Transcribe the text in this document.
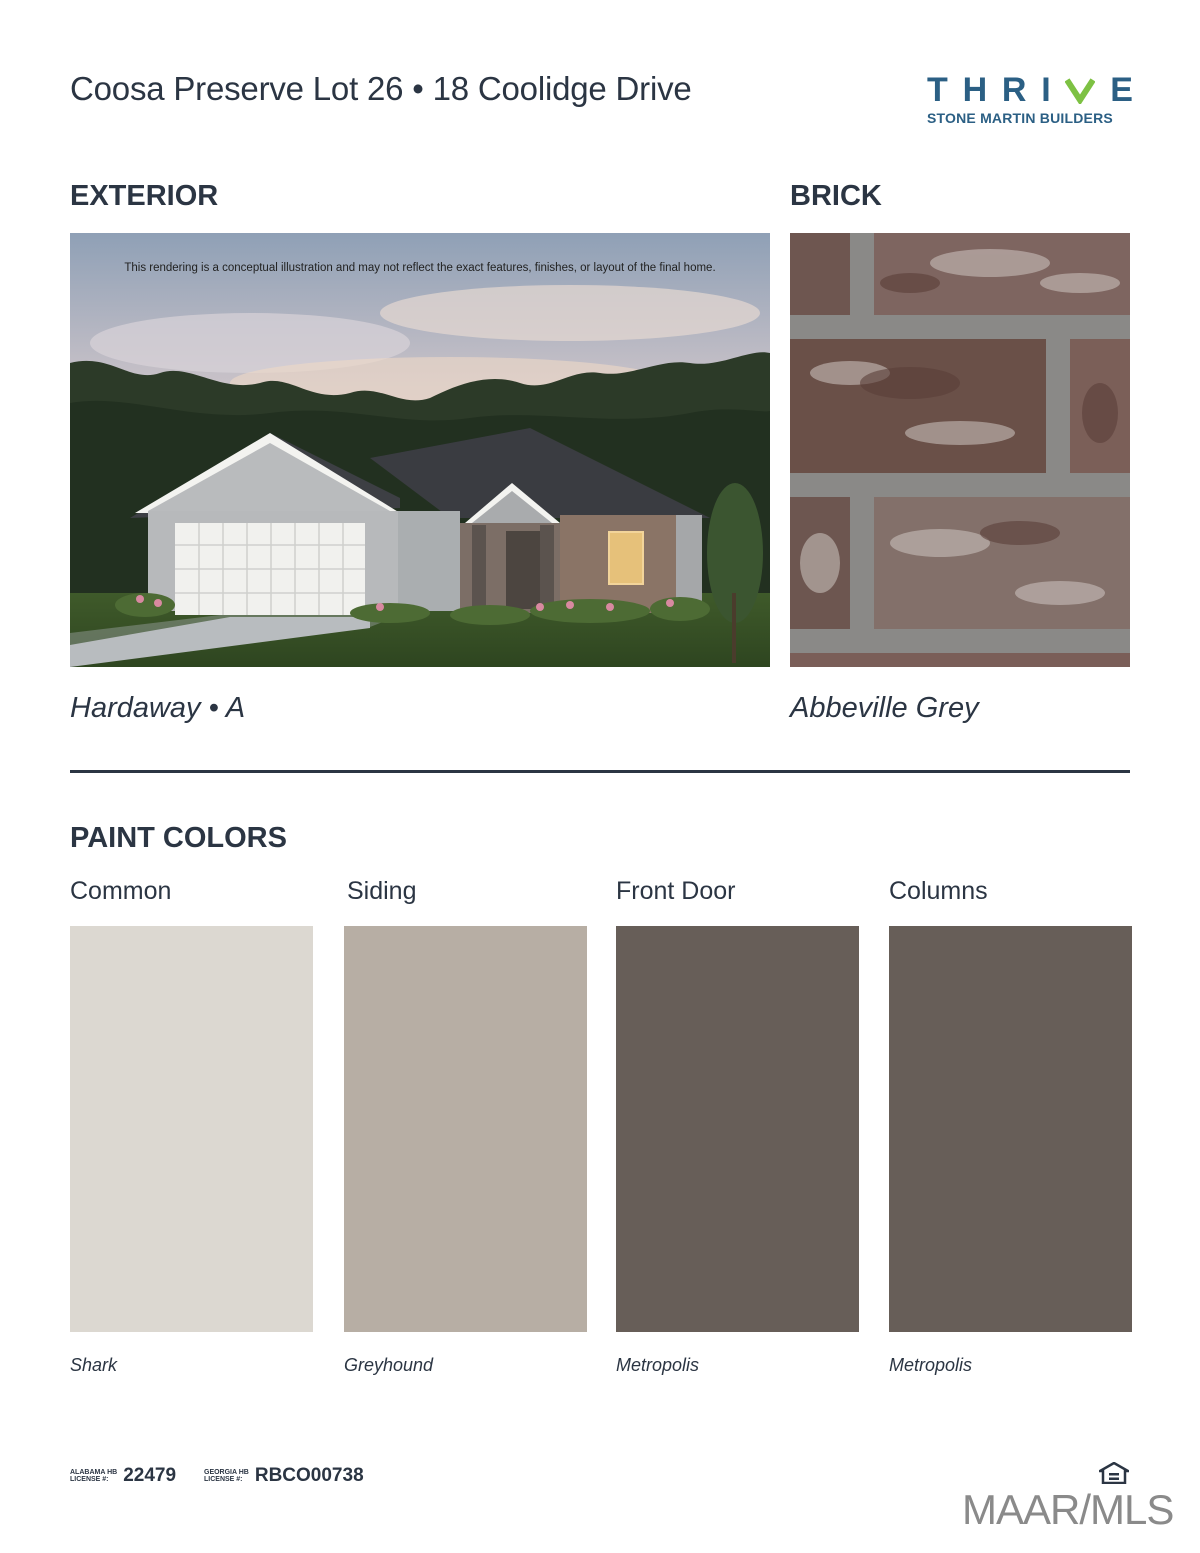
Coosa Preserve Lot 26 • 18 Coolidge Drive	T H R I E
STONE MARTIN BUILDERS
EXTERIOR	BRICK
This rendering is a conceptual illustration and may not reflect the exact features, finishes, or layout of the final home.
Hardaway • A	Abbeville Grey
PAINT COLORS
Common	Siding	Front Door	Columns
Shark	Greyhound	Metropolis	Metropolis
ALABAMA HB
LICENSE #: 22479	GEORGIA HB
LICENSE #: RBCO00738
MAAR/MLS
